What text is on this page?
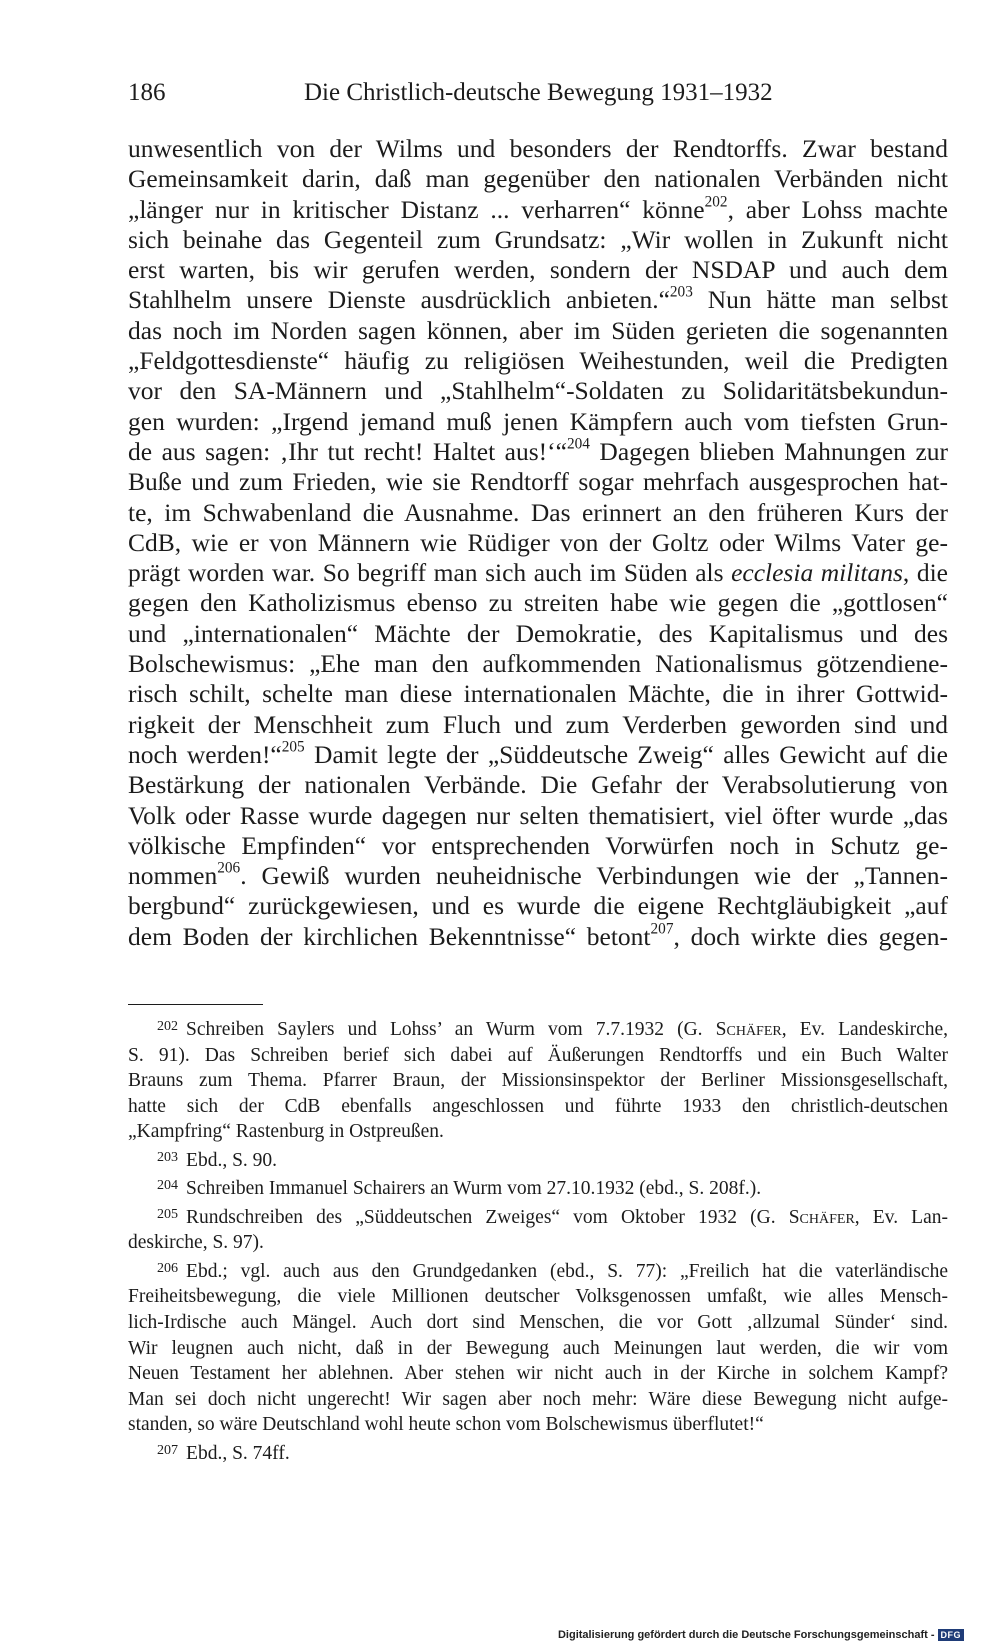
186	Die Christlich-deutsche Bewegung 1931–1932
unwesentlich von der Wilms und besonders der Rendtorffs. Zwar bestand
Gemeinsamkeit darin, daß man gegenüber den nationalen Verbänden nicht
„länger nur in kritischer Distanz ... verharren“ könne$^{202}$, aber Lohss machte
sich beinahe das Gegenteil zum Grundsatz: „Wir wollen in Zukunft nicht
erst warten, bis wir gerufen werden, sondern der NSDAP und auch dem
Stahlhelm unsere Dienste ausdrücklich anbieten.“$^{203}$ Nun hätte man selbst
das noch im Norden sagen können, aber im Süden gerieten die sogenannten
„Feldgottesdienste“ häufig zu religiösen Weihestunden, weil die Predigten
vor den SA-Männern und „Stahlhelm“-Soldaten zu Solidaritätsbekundun-
gen wurden: „Irgend jemand muß jenen Kämpfern auch vom tiefsten Grun-
de aus sagen: ‚Ihr tut recht! Haltet aus!‘“$^{204}$ Dagegen blieben Mahnungen zur
Buße und zum Frieden, wie sie Rendtorff sogar mehrfach ausgesprochen hat-
te, im Schwabenland die Ausnahme. Das erinnert an den früheren Kurs der
CdB, wie er von Männern wie Rüdiger von der Goltz oder Wilms Vater ge-
prägt worden war. So begriff man sich auch im Süden als ecclesia militans, die
gegen den Katholizismus ebenso zu streiten habe wie gegen die „gottlosen“
und „internationalen“ Mächte der Demokratie, des Kapitalismus und des
Bolschewismus: „Ehe man den aufkommenden Nationalismus götzendiene-
risch schilt, schelte man diese internationalen Mächte, die in ihrer Gottwid-
rigkeit der Menschheit zum Fluch und zum Verderben geworden sind und
noch werden!“$^{205}$ Damit legte der „Süddeutsche Zweig“ alles Gewicht auf die
Bestärkung der nationalen Verbände. Die Gefahr der Verabsolutierung von
Volk oder Rasse wurde dagegen nur selten thematisiert, viel öfter wurde „das
völkische Empfinden“ vor entsprechenden Vorwürfen noch in Schutz ge-
nommen$^{206}$. Gewiß wurden neuheidnische Verbindungen wie der „Tannen-
bergbund“ zurückgewiesen, und es wurde die eigene Rechtgläubigkeit „auf
dem Boden der kirchlichen Bekenntnisse“ betont$^{207}$, doch wirkte dies gegen-
$^{202}$ Schreiben Saylers und Lohss’ an Wurm vom 7.7.1932 (G. Schäfer, Ev. Landeskirche,
S. 91). Das Schreiben berief sich dabei auf Äußerungen Rendtorffs und ein Buch Walter
Brauns zum Thema. Pfarrer Braun, der Missionsinspektor der Berliner Missionsgesellschaft,
hatte sich der CdB ebenfalls angeschlossen und führte 1933 den christlich-deutschen
„Kampfring“ Rastenburg in Ostpreußen.
$^{203}$ Ebd., S. 90.
$^{204}$ Schreiben Immanuel Schairers an Wurm vom 27.10.1932 (ebd., S. 208f.).
$^{205}$ Rundschreiben des „Süddeutschen Zweiges“ vom Oktober 1932 (G. Schäfer, Ev. Lan-
deskirche, S. 97).
$^{206}$ Ebd.; vgl. auch aus den Grundgedanken (ebd., S. 77): „Freilich hat die vaterländische
Freiheitsbewegung, die viele Millionen deutscher Volksgenossen umfaßt, wie alles Mensch-
lich-Irdische auch Mängel. Auch dort sind Menschen, die vor Gott ‚allzumal Sünder‘ sind.
Wir leugnen auch nicht, daß in der Bewegung auch Meinungen laut werden, die wir vom
Neuen Testament her ablehnen. Aber stehen wir nicht auch in der Kirche in solchem Kampf?
Man sei doch nicht ungerecht! Wir sagen aber noch mehr: Wäre diese Bewegung nicht aufge-
standen, so wäre Deutschland wohl heute schon vom Bolschewismus überflutet!“
$^{207}$ Ebd., S. 74ff.
Digitalisierung gefördert durch die Deutsche Forschungsgemeinschaft - DFG
